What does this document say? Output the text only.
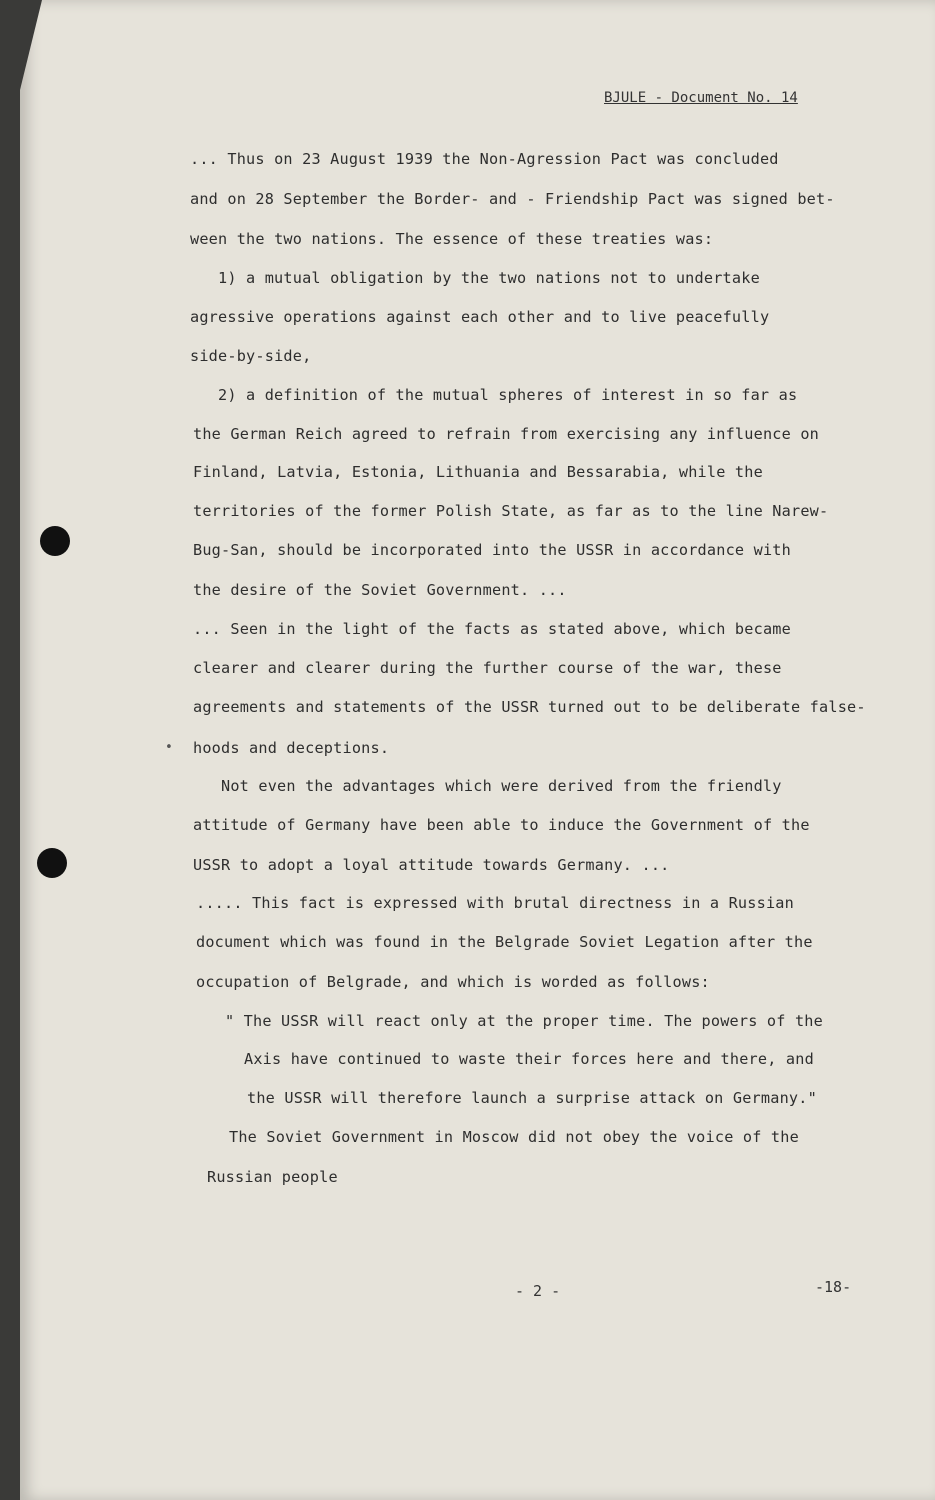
BJULE - Document No. 14
... Thus on 23 August 1939 the Non-Agression Pact was concluded
and on 28 September the Border- and - Friendship Pact was signed bet-
ween the two nations. The essence of these treaties was:
1) a mutual obligation by the two nations not to undertake
agressive operations against each other and to live peacefully
side-by-side,
2) a definition of the mutual spheres of interest in so far as
the German Reich agreed to refrain from exercising any influence on
Finland, Latvia, Estonia, Lithuania and Bessarabia, while the
territories of the former Polish State, as far as to the line Narew-
Bug-San, should be incorporated into the USSR in accordance with
the desire of the Soviet Government. ...
... Seen in the light of the facts as stated above, which became
clearer and clearer during the further course of the war, these
agreements and statements of the USSR turned out to be deliberate false-
• hoods and deceptions.
Not even the advantages which were derived from the friendly
attitude of Germany have been able to induce the Government of the
USSR to adopt a loyal attitude towards Germany. ...
..... This fact is expressed with brutal directness in a Russian
document which was found in the Belgrade Soviet Legation after the
occupation of Belgrade, and which is worded as follows:
" The USSR will react only at the proper time. The powers of the
Axis have continued to waste their forces here and there, and
the USSR will therefore launch a surprise attack on Germany."
The Soviet Government in Moscow did not obey the voice of the
Russian people
- 2 -	-18-
